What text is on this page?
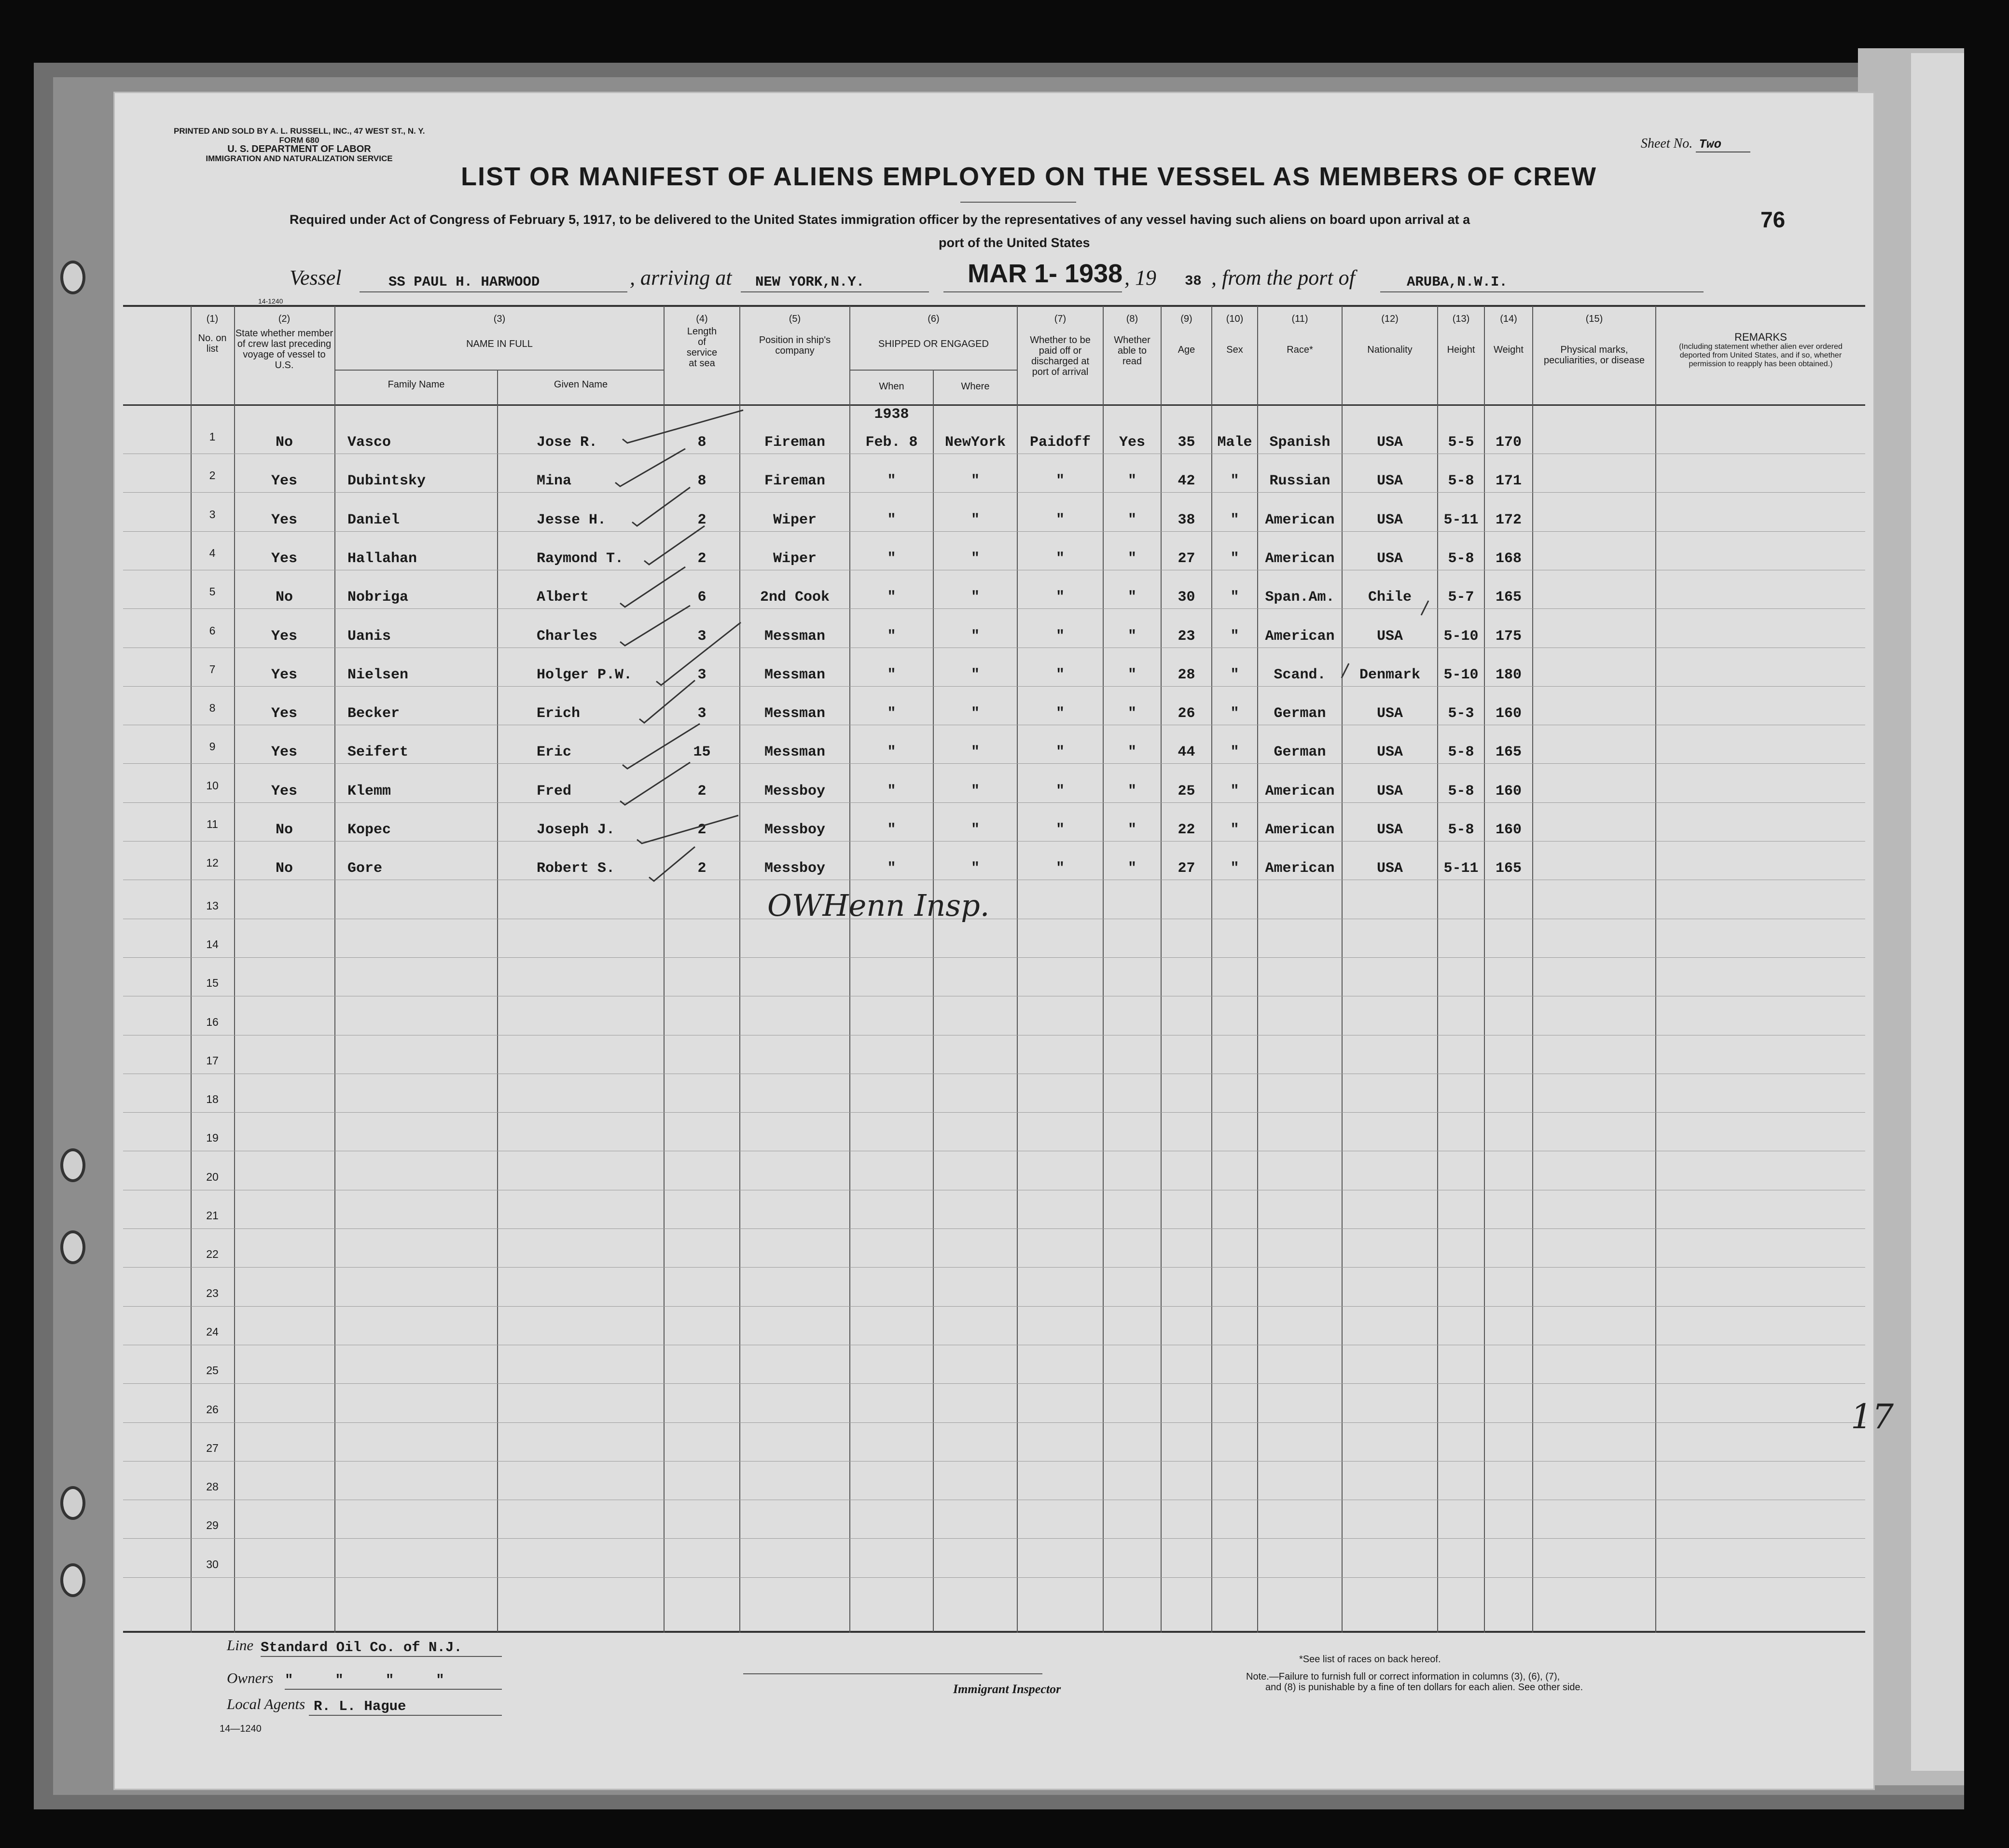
PRINTED AND SOLD BY A. L. RUSSELL, INC., 47 WEST ST., N. Y.
FORM 680
U. S. DEPARTMENT OF LABOR
IMMIGRATION AND NATURALIZATION SERVICE
Sheet No. Two
LIST OR MANIFEST OF ALIENS EMPLOYED ON THE VESSEL AS MEMBERS OF CREW
Required under Act of Congress of February 5, 1917, to be delivered to the United States immigration officer by the representatives of any vessel having such aliens on board upon arrival at a
port of the United States
76
Vessel	SS PAUL H. HARWOOD	, arriving at NEW YORK,N.Y.	MAR 1- 1938 , 19 38 , from the port of	ARUBA,N.W.I.
14-1240
(1)
No. on list
(2)
State whether member of crew last preceding voyage of vessel to U.S.
(3)
NAME IN FULL
Family Name	Given Name
(4)
Length of service at sea
(5)
Position in ship's company
(6)
SHIPPED OR ENGAGED
When	Where
(7)
Whether to be paid off or discharged at port of arrival
(8)
Whether able to read
(9)
Age
(10)
Sex
(11)
Race*
(12)
Nationality
(13)
Height
(14)
Weight
(15)
Physical marks, peculiarities, or disease
REMARKS
(Including statement whether alien ever ordered deported from United States, and if so, whether permission to reapply has been obtained.)
13
14
15
16
17
18
19
20
21
22
23
24
25
26
27
28
29
30
1938
1	No	Vasco	Jose R.	8	Fireman	Feb. 8	NewYork	Paidoff	Yes	35	Male	Spanish	USA	5-5	170
2	Yes	Dubintsky	Mina	8	Fireman	"	"	"	"	42	"	Russian	USA	5-8	171
3	Yes	Daniel	Jesse H.	2	Wiper	"	"	"	"	38	"	American	USA	5-11	172
4	Yes	Hallahan	Raymond T.	2	Wiper	"	"	"	"	27	"	American	USA	5-8	168
5	No	Nobriga	Albert	6	2nd Cook	"	"	"	"	30	"	Span.Am.	Chile	5-7	165
6	Yes	Uanis	Charles	3	Messman	"	"	"	"	23	"	American	USA	5-10	175
7	Yes	Nielsen	Holger P.W.	3	Messman	"	"	"	"	28	"	Scand.	Denmark	5-10	180
8	Yes	Becker	Erich	3	Messman	"	"	"	"	26	"	German	USA	5-3	160
9	Yes	Seifert	Eric	15	Messman	"	"	"	"	44	"	German	USA	5-8	165
10	Yes	Klemm	Fred	2	Messboy	"	"	"	"	25	"	American	USA	5-8	160
11	No	Kopec	Joseph J.	2	Messboy	"	"	"	"	22	"	American	USA	5-8	160
12	No	Gore	Robert S.	2	Messboy	"	"	"	"	27	"	American	USA	5-11	165
OWHenn Insp.
17
Line Standard Oil Co. of N.J.
Owners "     "     "     "
Local Agents R. L. Hague
14—1240
Immigrant Inspector
*See list of races on back hereof.
Note.—Failure to furnish full or correct information in columns (3), (6), (7),
and (8) is punishable by a fine of ten dollars for each alien. See other side.
